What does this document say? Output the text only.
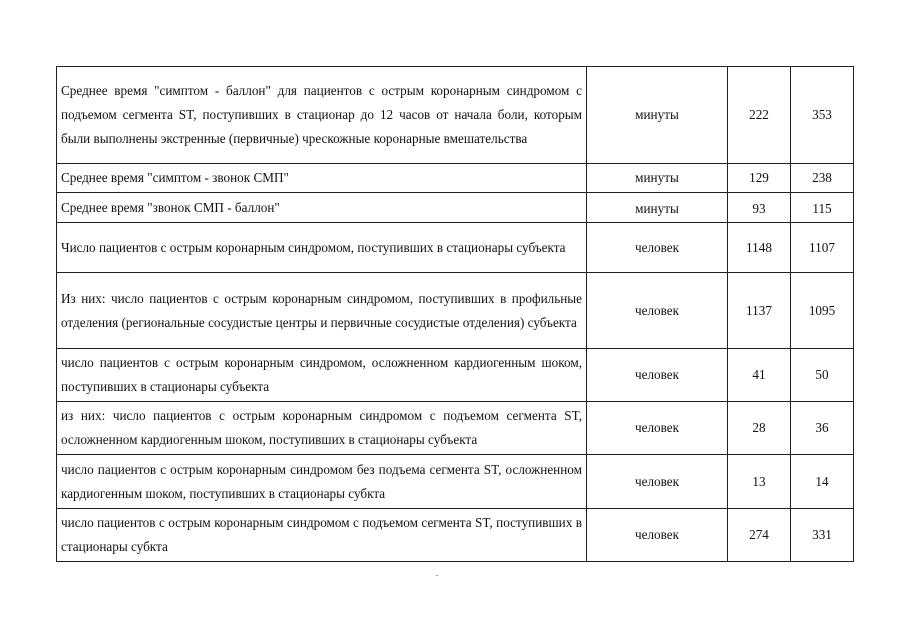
Среднее время "симптом - баллон" для пациентов с острым коронарным синдромом с подъемом сегмента ST, поступивших в стационар до 12 часов от начала боли, которым были выполнены экстренные (первичные) чрескожные коронарные вмешательства	минуты	222	353
Среднее время "симптом - звонок СМП"	минуты	129	238
Среднее время "звонок СМП - баллон"	минуты	93	115
Число пациентов с острым коронарным синдромом, поступивших в стационары субъекта	человек	1148	1107
Из них: число пациентов с острым коронарным синдромом, поступивших в профильные отделения (региональные сосудистые центры и первичные сосудистые отделения) субъекта	человек	1137	1095
число пациентов с острым коронарным синдромом, осложненном кардиогенным шоком, поступивших в стационары субъекта	человек	41	50
из них: число пациентов с острым коронарным синдромом с подъемом сегмента ST, осложненном кардиогенным шоком, поступивших в стационары субъекта	человек	28	36
число пациентов с острым коронарным синдромом без подъема сегмента ST, осложненном кардиогенным шоком, поступивших в стационары субкта	человек	13	14
число пациентов с острым коронарным синдромом с подъемом сегмента ST, поступивших в стационары субкта	человек	274	331
